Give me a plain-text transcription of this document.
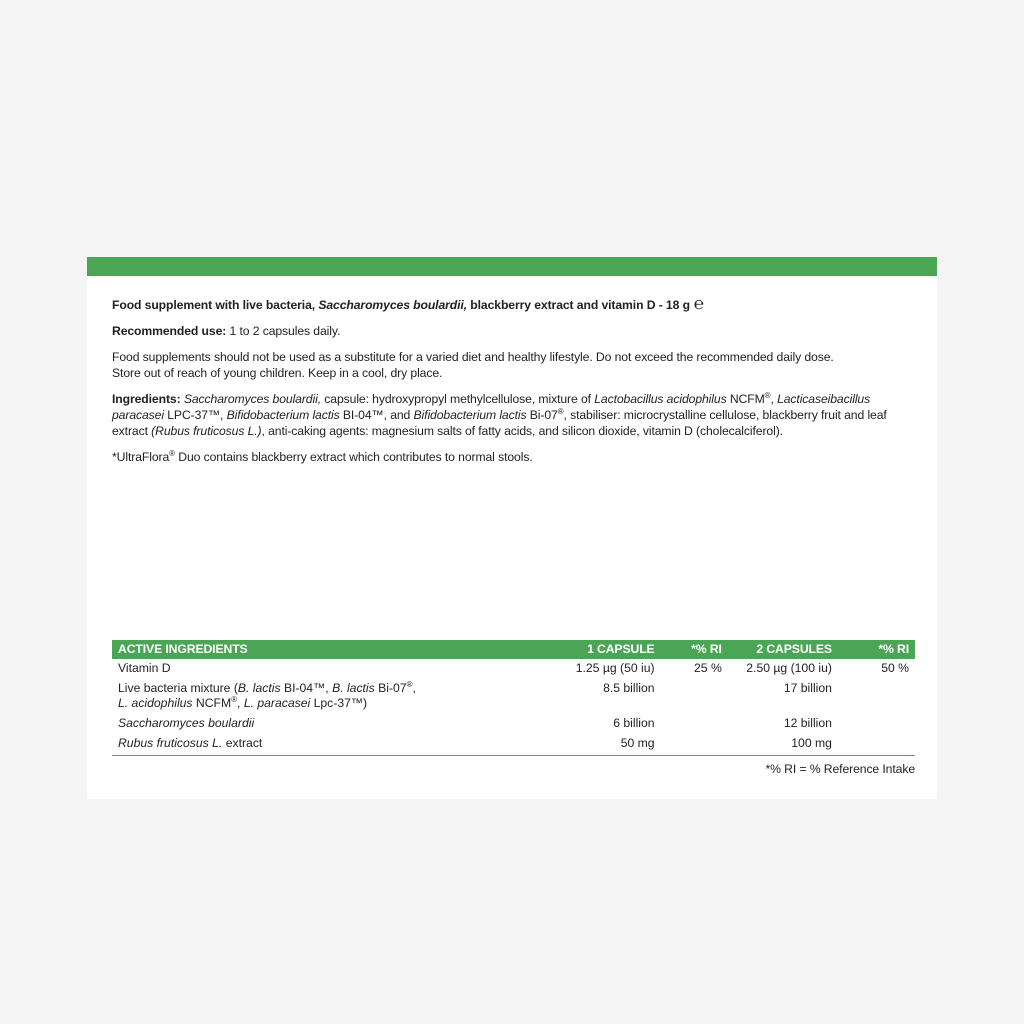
Food supplement with live bacteria, Saccharomyces boulardii, blackberry extract and vitamin D - 18 g ℮

Recommended use: 1 to 2 capsules daily.

Food supplements should not be used as a substitute for a varied diet and healthy lifestyle. Do not exceed the recommended daily dose.
Store out of reach of young children. Keep in a cool, dry place.

Ingredients: Saccharomyces boulardii, capsule: hydroxypropyl methylcellulose, mixture of Lactobacillus acidophilus NCFM®, Lacticaseibacillus paracasei LPC-37™, Bifidobacterium lactis BI-04™, and Bifidobacterium lactis Bi-07®, stabiliser: microcrystalline cellulose, blackberry fruit and leaf extract (Rubus fruticosus L.), anti-caking agents: magnesium salts of fatty acids, and silicon dioxide, vitamin D (cholecalciferol).

*UltraFlora® Duo contains blackberry extract which contributes to normal stools.

ACTIVE INGREDIENTS	1 CAPSULE	*% RI	2 CAPSULES	*% RI
Vitamin D	1.25 µg (50 iu)	25 %	2.50 µg (100 iu)	50 %
Live bacteria mixture (B. lactis BI-04™, B. lactis Bi-07®,
L. acidophilus NCFM®, L. paracasei Lpc-37™)	8.5 billion		17 billion	
Saccharomyces boulardii	6 billion		12 billion	
Rubus fruticosus L. extract	50 mg		100 mg	
*% RI = % Reference Intake
